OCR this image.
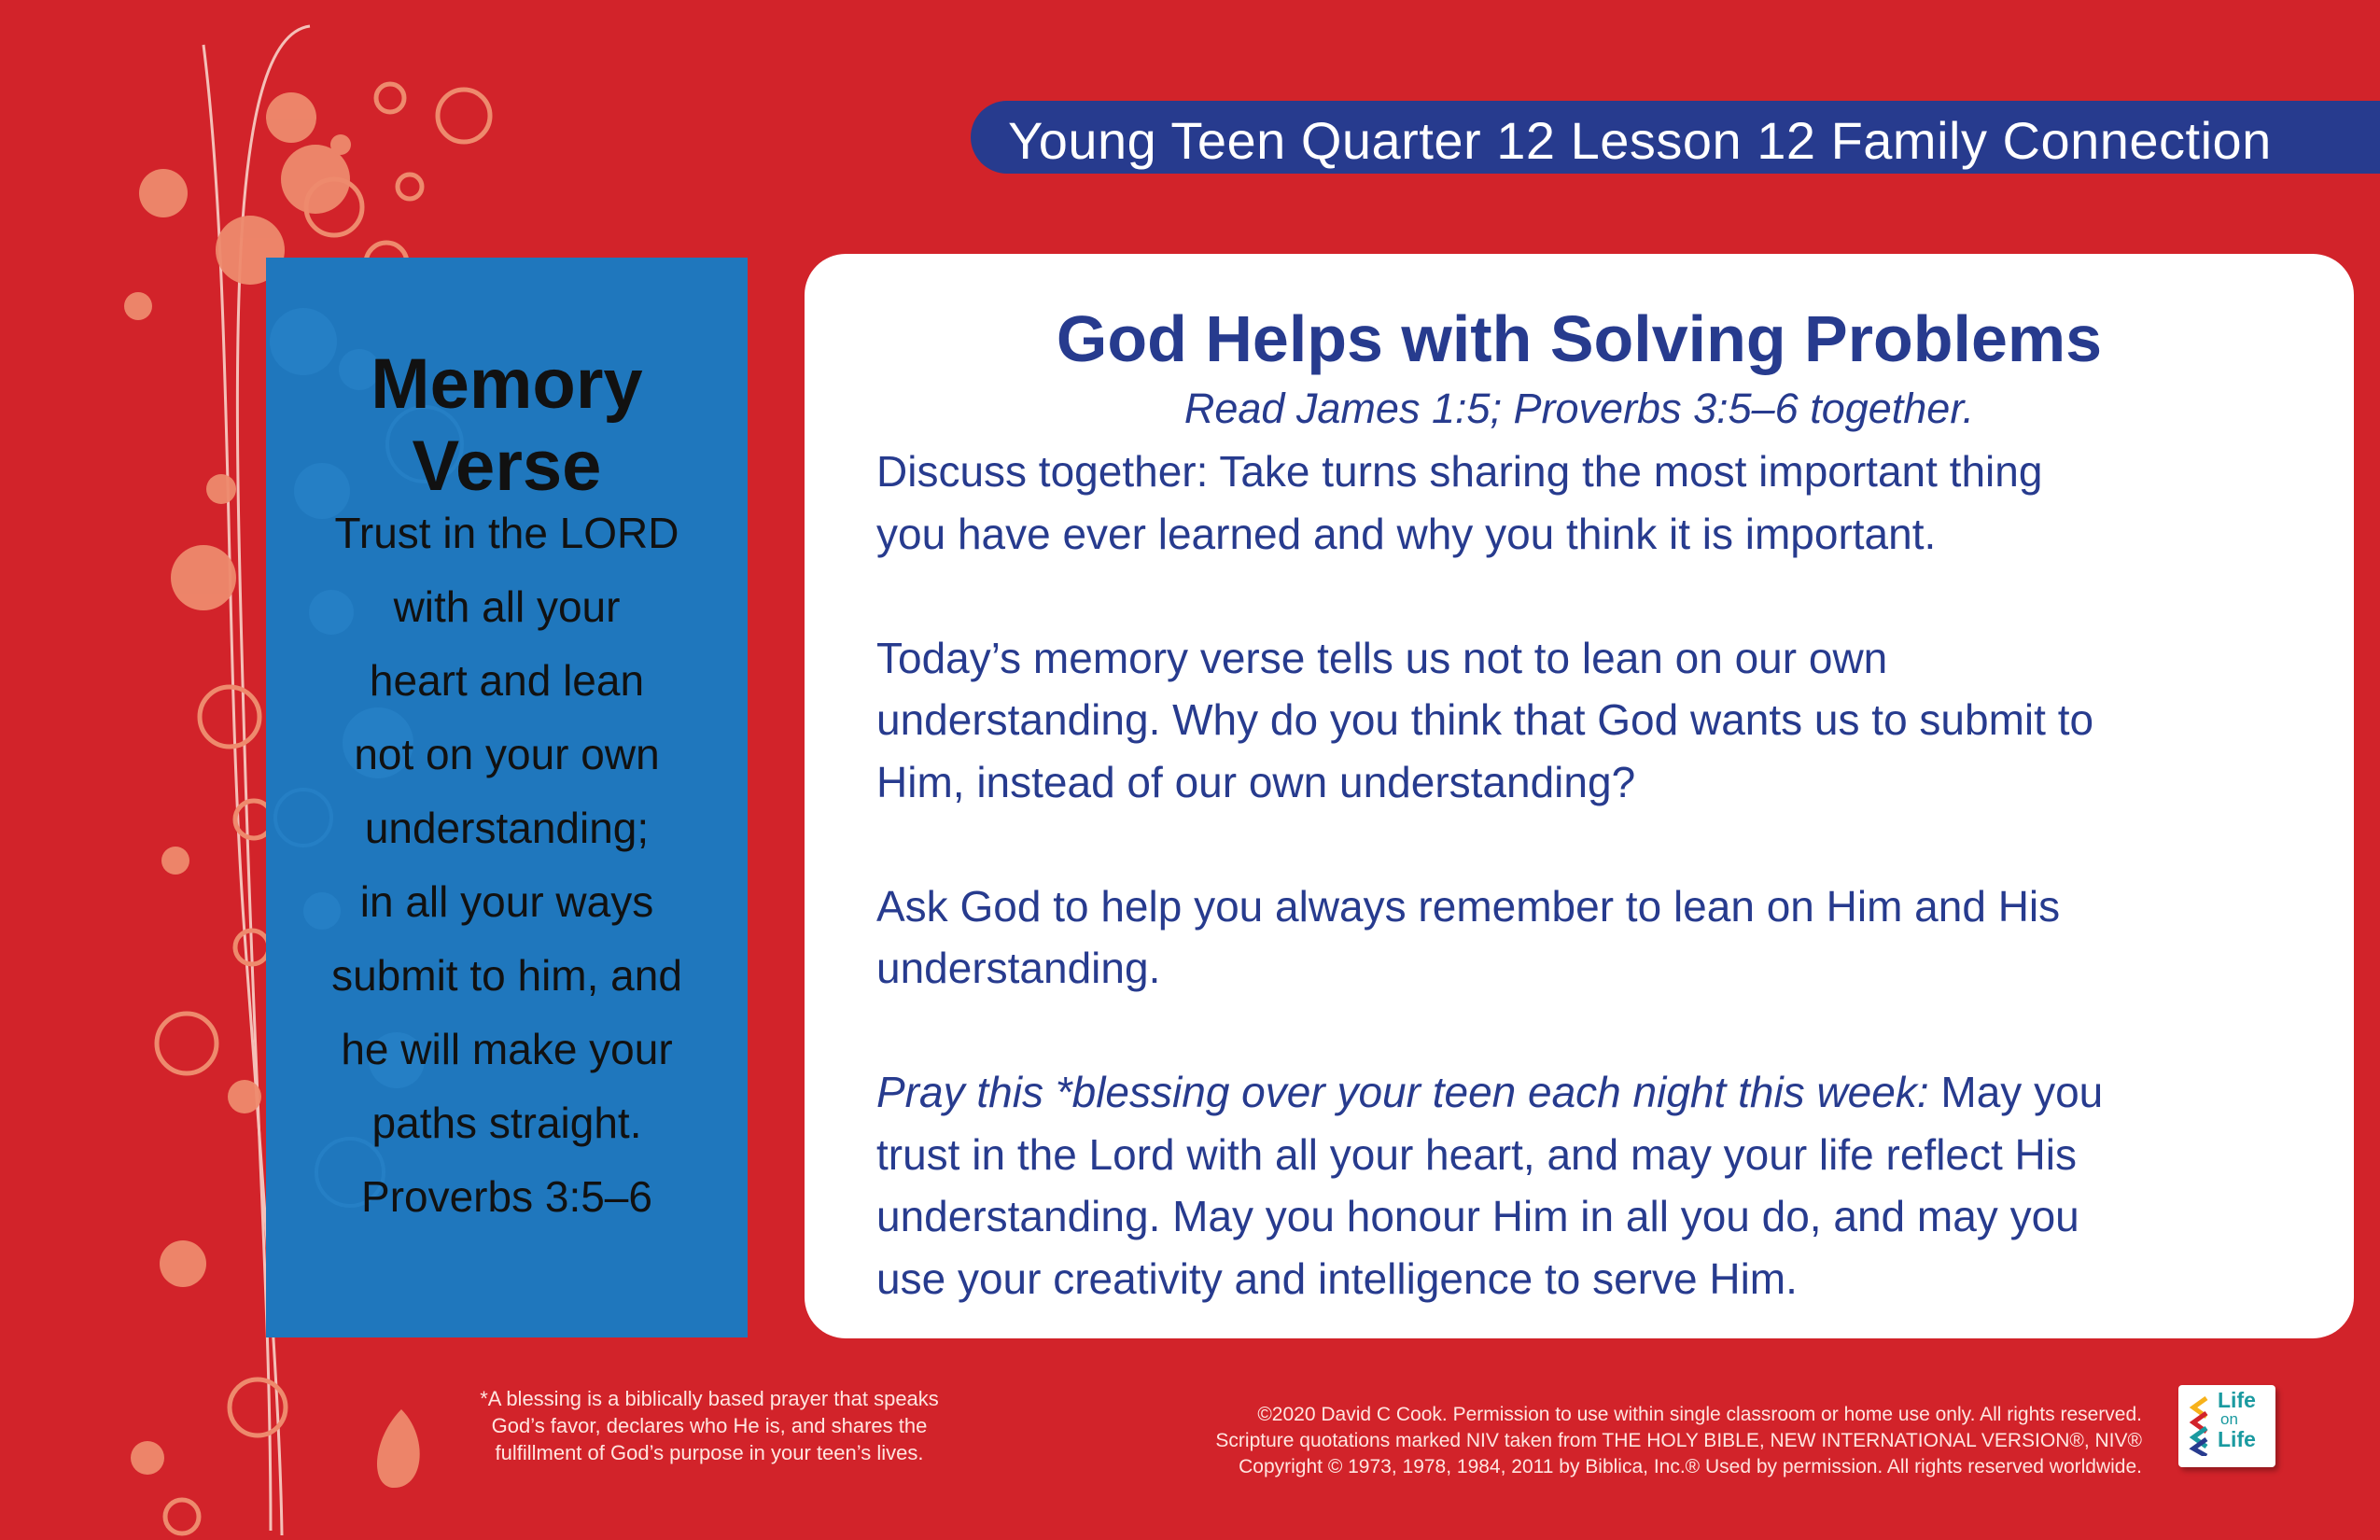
Young Teen Quarter 12 Lesson 12 Family Connection
Memory
Verse
Trust in the LORD
with all your
heart and lean
not on your own
understanding;
in all your ways
submit to him, and
he will make your
paths straight.
Proverbs 3:5–6
God Helps with Solving Problems
Read James 1:5; Proverbs 3:5–6 together.
Discuss together: Take turns sharing the most important thing
you have ever learned and why you think it is important.
Today’s memory verse tells us not to lean on our own
understanding. Why do you think that God wants us to submit to
Him, instead of our own understanding?
Ask God to help you always remember to lean on Him and His
understanding.
Pray this *blessing over your teen each night this week: May you
trust in the Lord with all your heart, and may your life reflect His
understanding. May you honour Him in all you do, and may you
use your creativity and intelligence to serve Him.
*A blessing is a biblically based prayer that speaks
God’s favor, declares who He is, and shares the
fulfillment of God’s purpose in your teen’s lives.
©2020 David C Cook. Permission to use within single classroom or home use only. All rights reserved.
Scripture quotations marked NIV taken from THE HOLY BIBLE, NEW INTERNATIONAL VERSION®, NIV®
Copyright © 1973, 1978, 1984, 2011 by Biblica, Inc.® Used by permission. All rights reserved worldwide.
Life
on
Life
